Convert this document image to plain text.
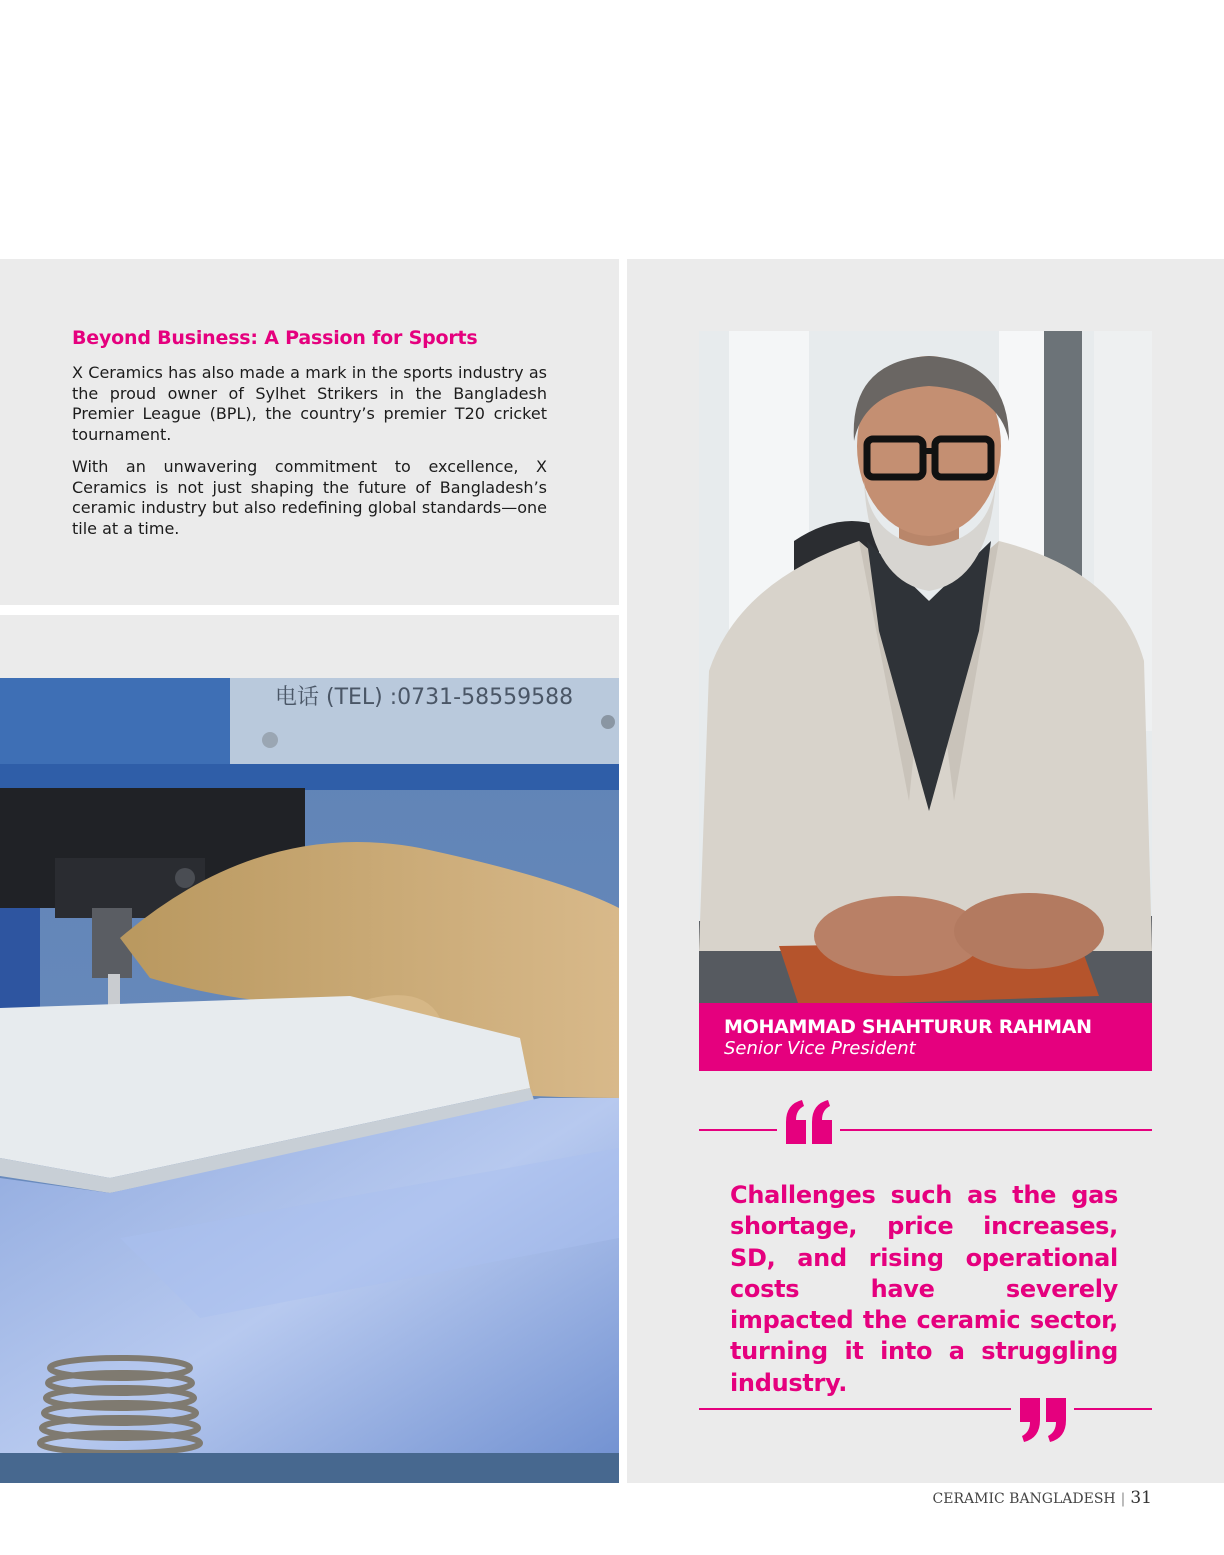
Beyond Business: A Passion for Sports

X Ceramics has also made a mark in the sports industry as the proud owner of Sylhet Strikers in the Bangladesh Premier League (BPL), the country’s premier T20 cricket tournament.

With an unwavering commitment to excellence, X Ceramics is not just shaping the future of Bangladesh’s ceramic industry but also redefining global standards—one tile at a time.

电话 (TEL) :0731-58559588
MOHAMMAD SHAHTURUR RAHMAN
Senior Vice President

Challenges such as the gas shortage, price increases, SD, and rising operational costs have severely impacted the ceramic sector, turning it into a struggling industry.

CERAMIC BANGLADESH | 31
